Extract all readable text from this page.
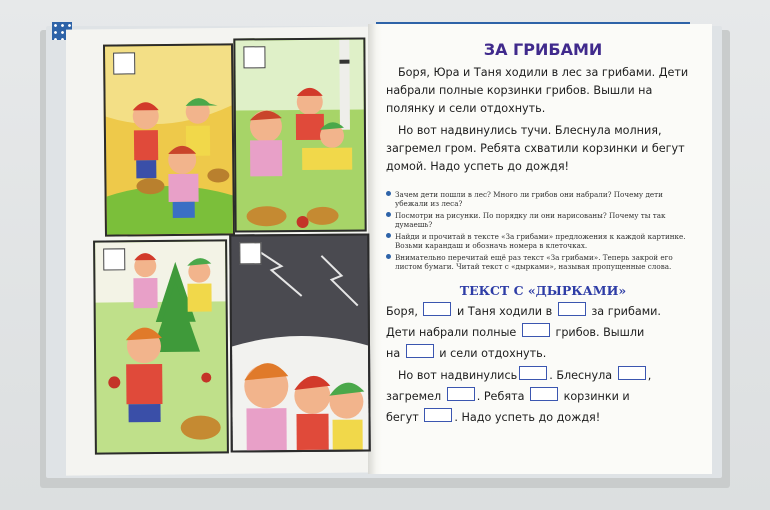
ЗА ГРИБАМИ

Боря, Юра и Таня ходили в лес за грибами. Дети набрали полные корзинки грибов. Вышли на полянку и сели отдохнуть.

Но вот надвинулись тучи. Блеснула молния, загремел гром. Ребята схватили корзинки и бегут домой. Надо успеть до дождя!

Зачем дети пошли в лес? Много ли грибов они набрали? Почему дети убежали из леса?
Посмотри на рисунки. По порядку ли они нарисованы? Почему ты так думаешь?
Найди и прочитай в тексте «За грибами» предложения к каждой картинке. Возьми карандаш и обозначь номера в клеточках.
Внимательно перечитай ещё раз текст «За грибами». Теперь закрой его листом бумаги. Читай текст с «дырками», называя пропущенные слова.
ТЕКСТ С «ДЫРКАМИ»

Боря,	и Таня ходили в	за грибами.

Дети набрали полные	грибов. Вышли

на	и сели отдохнуть.

Но вот надвинулись	. Блеснула	,

загремел	. Ребята	корзинки и

бегут	. Надо успеть до дождя!
